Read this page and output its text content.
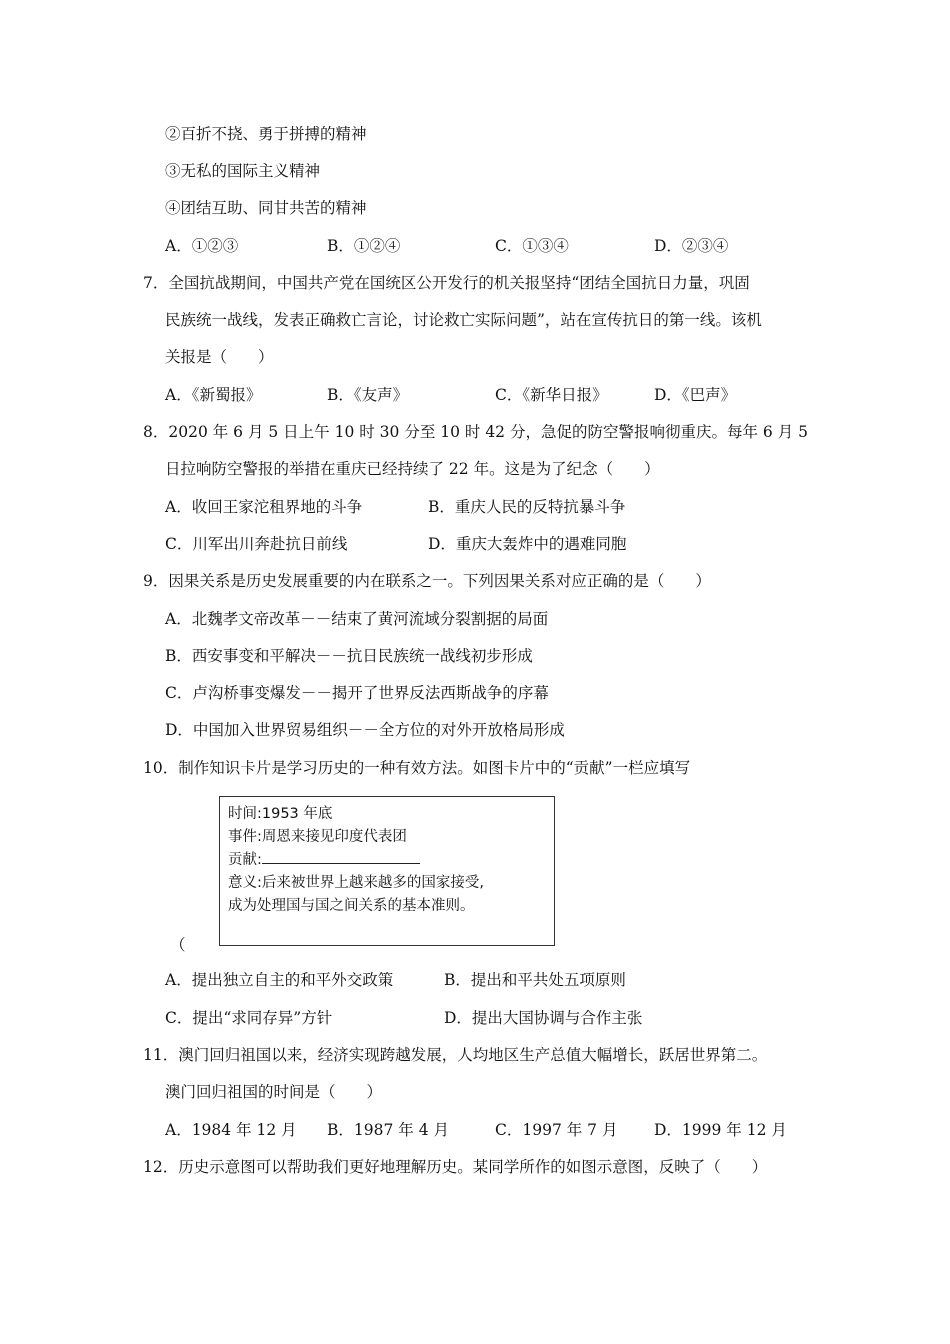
②百折不挠、勇于拼搏的精神
③无私的国际主义精神
④团结互助、同甘共苦的精神
A．①②③	B．①②④	C．①③④	D．②③④
7．全国抗战期间，中国共产党在国统区公开发行的机关报坚持“团结全国抗日力量，巩固
民族统一战线，发表正确救亡言论，讨论救亡实际问题”，站在宣传抗日的第一线。该机
关报是（　　）
A．《新蜀报》	B．《友声》	C．《新华日报》	D．《巴声》
8．2020 年 6 月 5 日上午 10 时 30 分至 10 时 42 分，急促的防空警报响彻重庆。每年 6 月 5
日拉响防空警报的举措在重庆已经持续了 22 年。这是为了纪念（　　）
A．收回王家沱租界地的斗争	B．重庆人民的反特抗暴斗争
C．川军出川奔赴抗日前线	D．重庆大轰炸中的遇难同胞
9．因果关系是历史发展重要的内在联系之一。下列因果关系对应正确的是（　　）
A．北魏孝文帝改革－－结束了黄河流域分裂割据的局面
B．西安事变和平解决－－抗日民族统一战线初步形成
C．卢沟桥事变爆发－－揭开了世界反法西斯战争的序幕
D．中国加入世界贸易组织－－全方位的对外开放格局形成
10．制作知识卡片是学习历史的一种有效方法。如图卡片中的“贡献”一栏应填写
时间:1953 年底
事件:周恩来接见印度代表团
贡献:
意义:后来被世界上越来越多的国家接受,
成为处理国与国之间关系的基本准则。
（
A．提出独立自主的和平外交政策	B．提出和平共处五项原则
C．提出“求同存异”方针	D．提出大国协调与合作主张
11．澳门回归祖国以来，经济实现跨越发展，人均地区生产总值大幅增长，跃居世界第二。
澳门回归祖国的时间是（　　）
A．1984 年 12 月 B．1987 年 4 月	C．1997 年 7 月 D．1999 年 12 月
12．历史示意图可以帮助我们更好地理解历史。某同学所作的如图示意图，反映了（　　）
